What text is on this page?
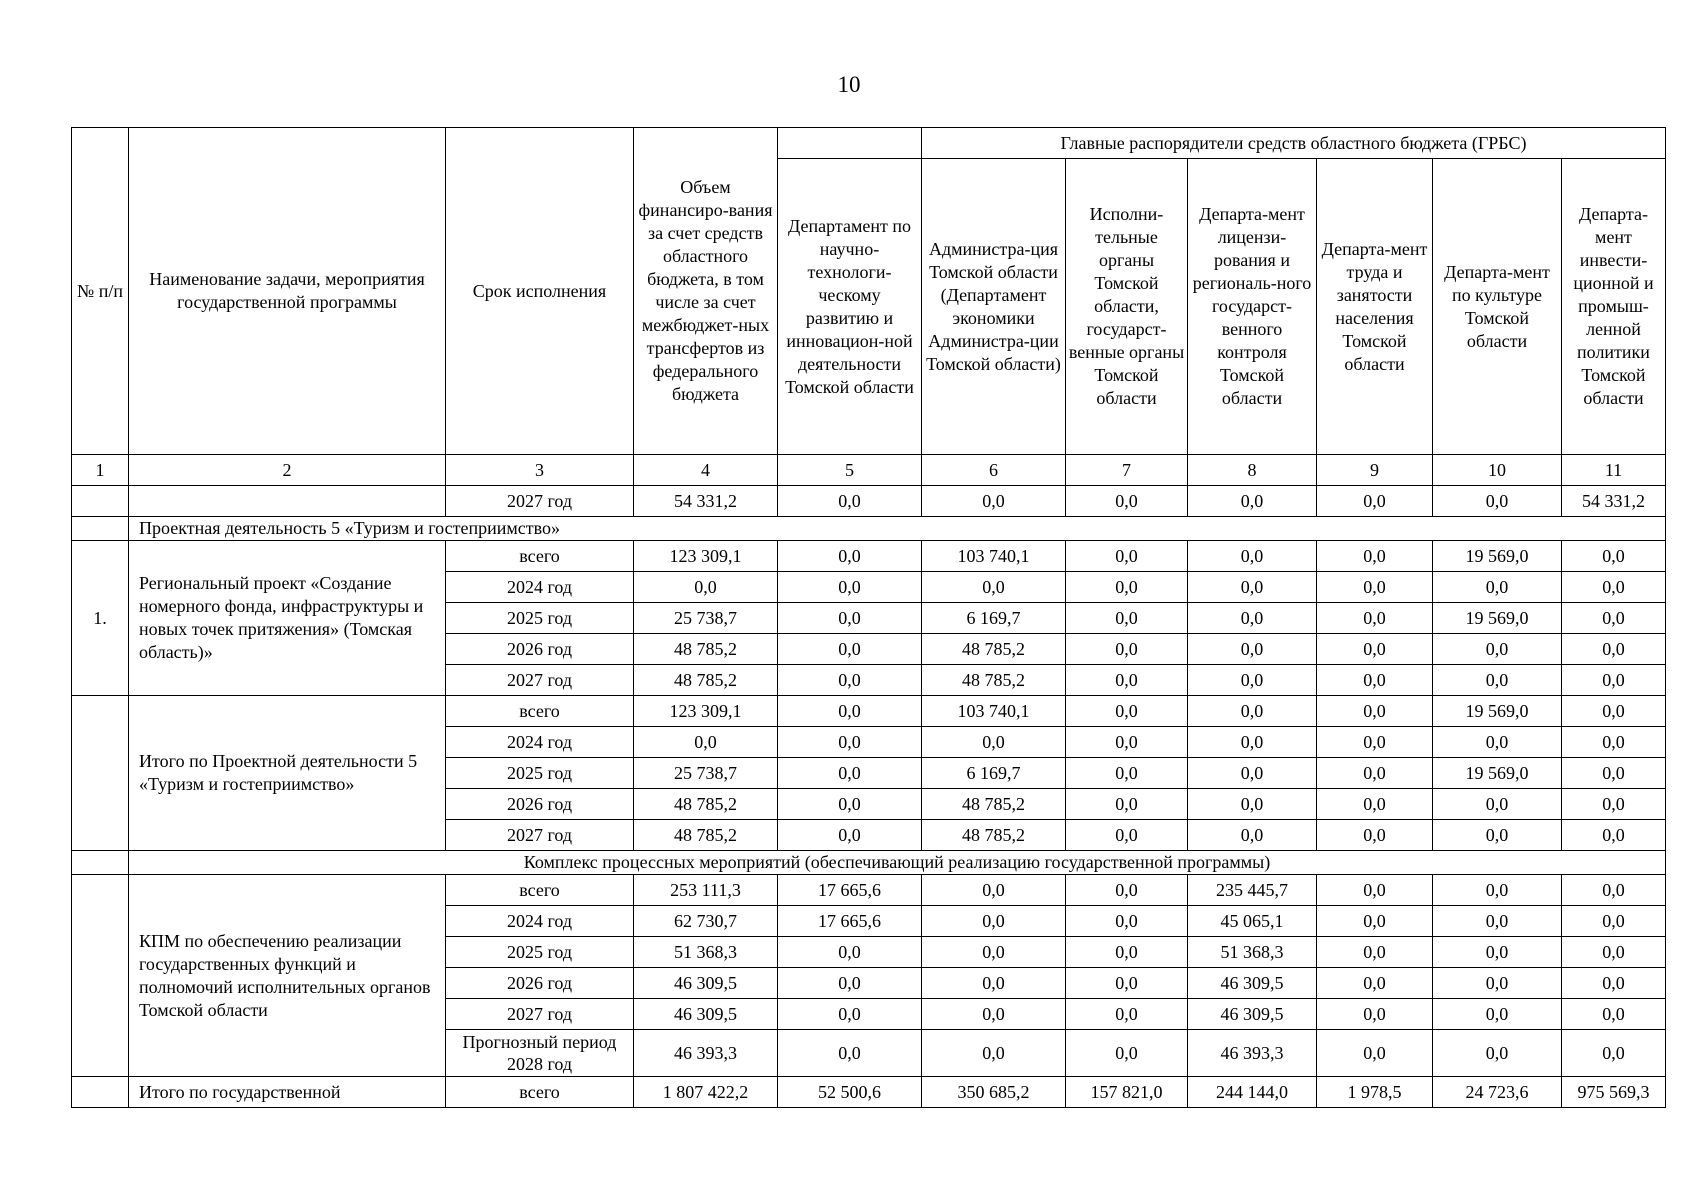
10
№ п/п	Наименование задачи, мероприятия государственной программы	Срок исполнения	Объем финансиро-вания за счет средств областного бюджета, в том числе за счет межбюджет-ных трансфертов из федерального бюджета		Главные распорядители средств областного бюджета (ГРБС)					
				Департамент по научно-технологи-ческому развитию и инновацион-ной деятельности Томской области	Администра-ция Томской области (Департамент экономики Администра-ции Томской области)	Исполни-тельные органы Томской области, государст-венные органы Томской области	Департа-мент лицензи-рования и региональ-ного государст-венного контроля Томской области	Департа-мент труда и занятости населения Томской области	Департа-мент по культуре Томской области	Департа-мент инвести-ционной и промыш-ленной политики Томской области
1	2	3	4	5	6	7	8	9	10	11
		2027 год	54 331,2	0,0	0,0	0,0	0,0	0,0	0,0	54 331,2
	Проектная деятельность 5 «Туризм и гостеприимство»									
1.	Региональный проект «Создание номерного фонда, инфраструктуры и новых точек притяжения» (Томская область)»	всего	123 309,1	0,0	103 740,1	0,0	0,0	0,0	19 569,0	0,0
		2024 год	0,0	0,0	0,0	0,0	0,0	0,0	0,0	0,0
		2025 год	25 738,7	0,0	6 169,7	0,0	0,0	0,0	19 569,0	0,0
		2026 год	48 785,2	0,0	48 785,2	0,0	0,0	0,0	0,0	0,0
		2027 год	48 785,2	0,0	48 785,2	0,0	0,0	0,0	0,0	0,0
	Итого по Проектной деятельности 5 «Туризм и гостеприимство»	всего	123 309,1	0,0	103 740,1	0,0	0,0	0,0	19 569,0	0,0
		2024 год	0,0	0,0	0,0	0,0	0,0	0,0	0,0	0,0
		2025 год	25 738,7	0,0	6 169,7	0,0	0,0	0,0	19 569,0	0,0
		2026 год	48 785,2	0,0	48 785,2	0,0	0,0	0,0	0,0	0,0
		2027 год	48 785,2	0,0	48 785,2	0,0	0,0	0,0	0,0	0,0
	Комплекс процессных мероприятий (обеспечивающий реализацию государственной программы)									
	КПМ по обеспечению реализации государственных функций и полномочий исполнительных органов Томской области	всего	253 111,3	17 665,6	0,0	0,0	235 445,7	0,0	0,0	0,0
		2024 год	62 730,7	17 665,6	0,0	0,0	45 065,1	0,0	0,0	0,0
		2025 год	51 368,3	0,0	0,0	0,0	51 368,3	0,0	0,0	0,0
		2026 год	46 309,5	0,0	0,0	0,0	46 309,5	0,0	0,0	0,0
		2027 год	46 309,5	0,0	0,0	0,0	46 309,5	0,0	0,0	0,0
		Прогнозный период 2028 год	46 393,3	0,0	0,0	0,0	46 393,3	0,0	0,0	0,0
	Итого по государственной	всего	1 807 422,2	52 500,6	350 685,2	157 821,0	244 144,0	1 978,5	24 723,6	975 569,3
